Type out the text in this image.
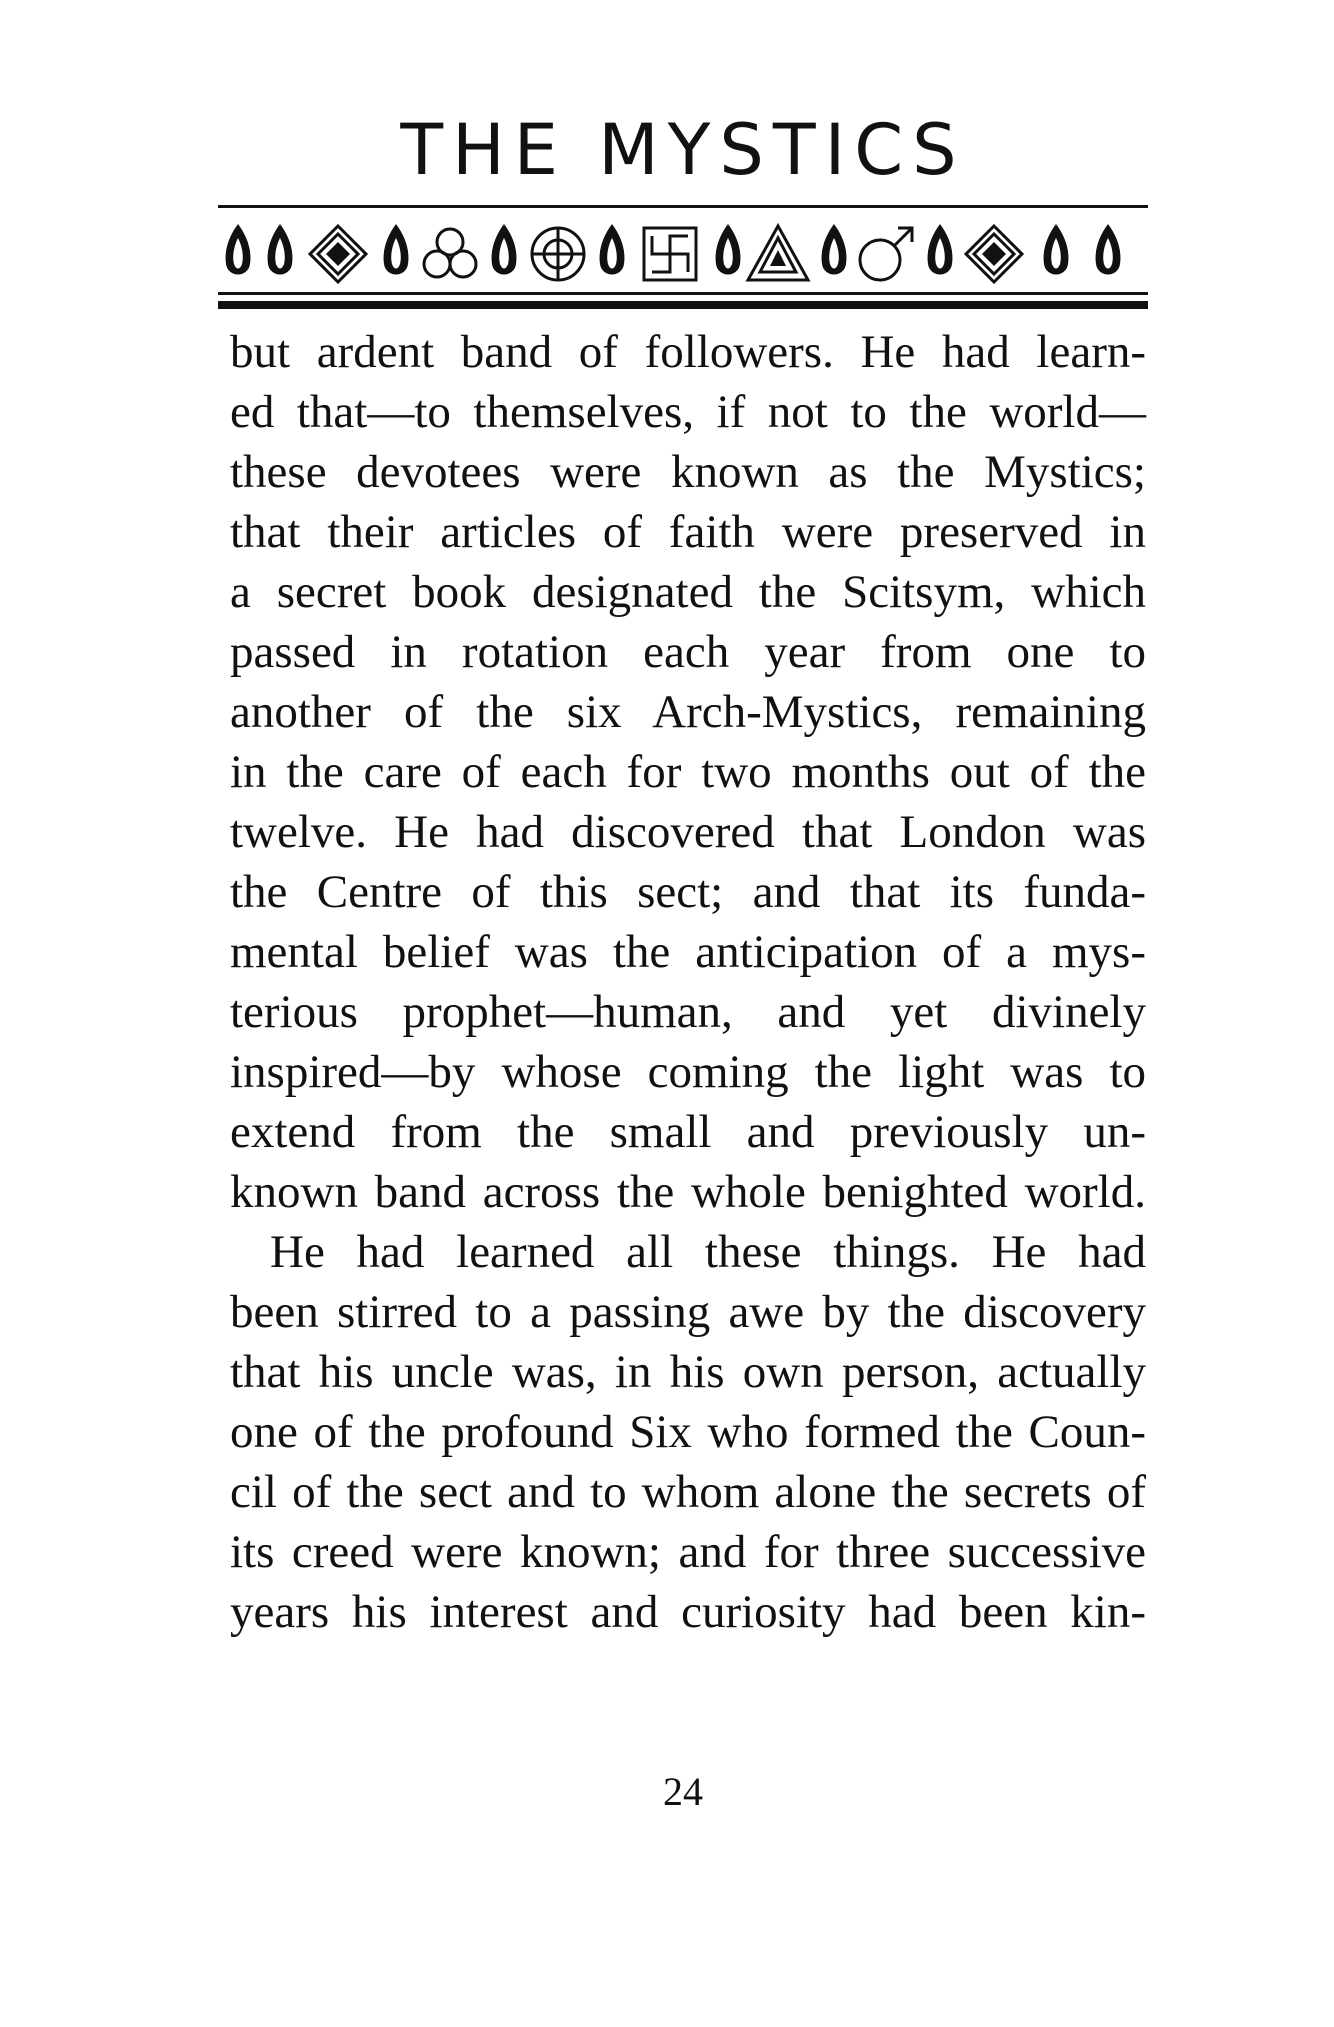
THE MYSTICS
but ardent band of followers. He had learn-
ed that—to themselves, if not to the world—
these devotees were known as the Mystics;
that their articles of faith were preserved in
a secret book designated the Scitsym, which
passed in rotation each year from one to
another of the six Arch-Mystics, remaining
in the care of each for two months out of the
twelve. He had discovered that London was
the Centre of this sect; and that its funda-
mental belief was the anticipation of a mys-
terious prophet—human, and yet divinely
inspired—by whose coming the light was to
extend from the small and previously un-
known band across the whole benighted world.
He had learned all these things. He had
been stirred to a passing awe by the discovery
that his uncle was, in his own person, actually
one of the profound Six who formed the Coun-
cil of the sect and to whom alone the secrets of
its creed were known; and for three successive
years his interest and curiosity had been kin-
24
